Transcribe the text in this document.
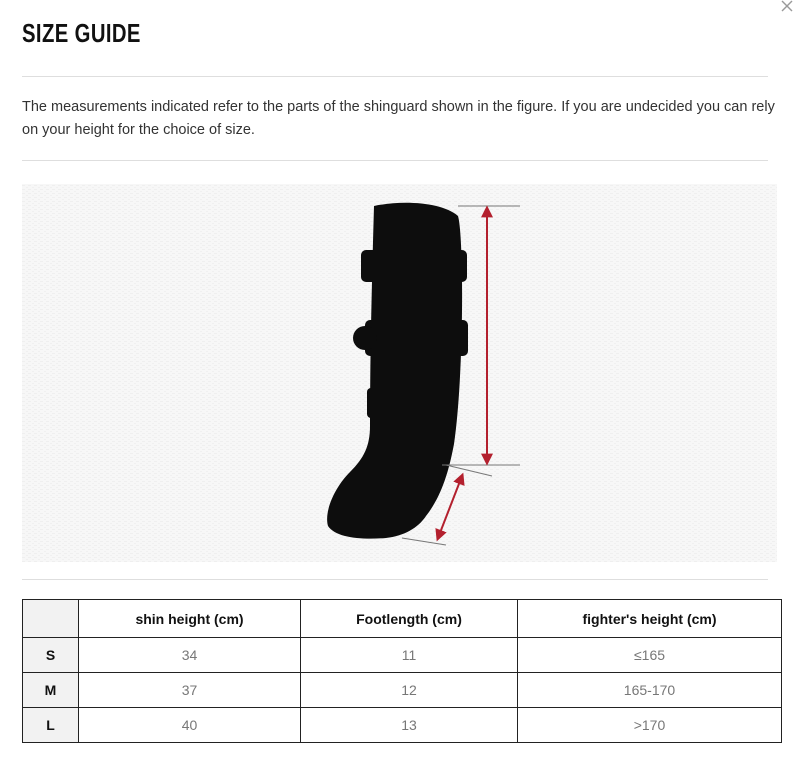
SIZE GUIDE
The measurements indicated refer to the parts of the shinguard shown in the figure. If you are undecided you can rely on your height for the choice of size.
	shin height (cm)	Footlength (cm)	fighter's height (cm)
S	34	11	≤165
M	37	12	165-170
L	40	13	>170
